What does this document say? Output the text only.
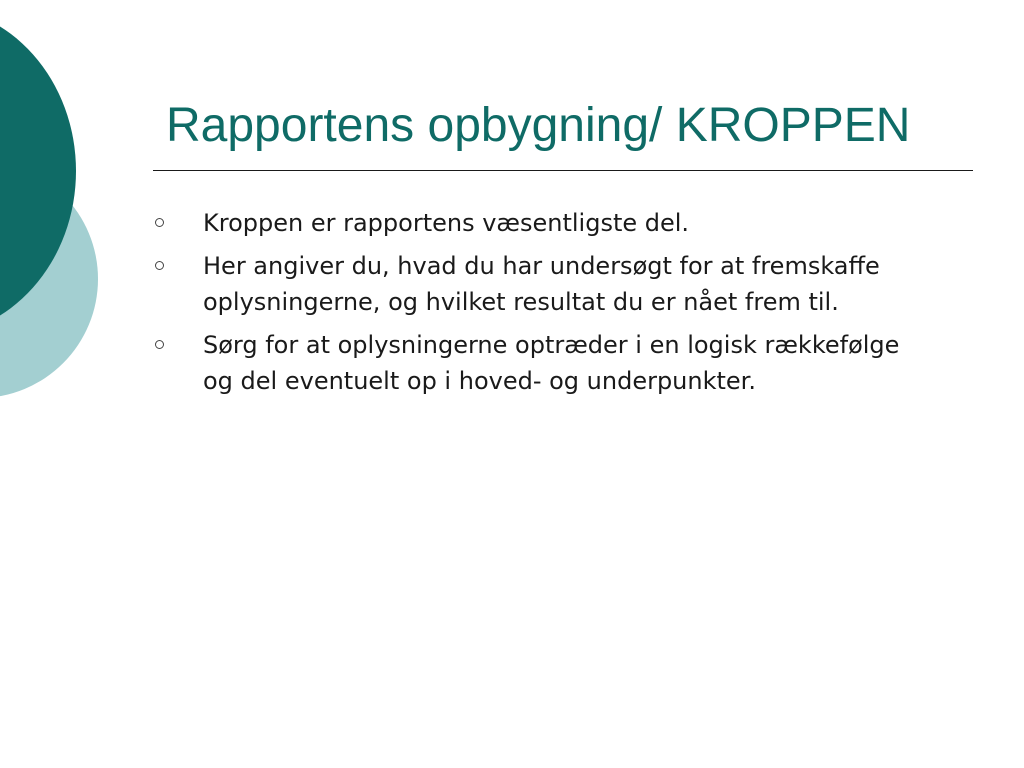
Rapportens opbygning/ KROPPEN
Kroppen er rapportens væsentligste del.
Her angiver du, hvad du har undersøgt for at fremskaffe oplysningerne, og hvilket resultat du er nået frem til.
Sørg for at oplysningerne optræder i en logisk rækkefølge og del eventuelt op i hoved- og underpunkter.
